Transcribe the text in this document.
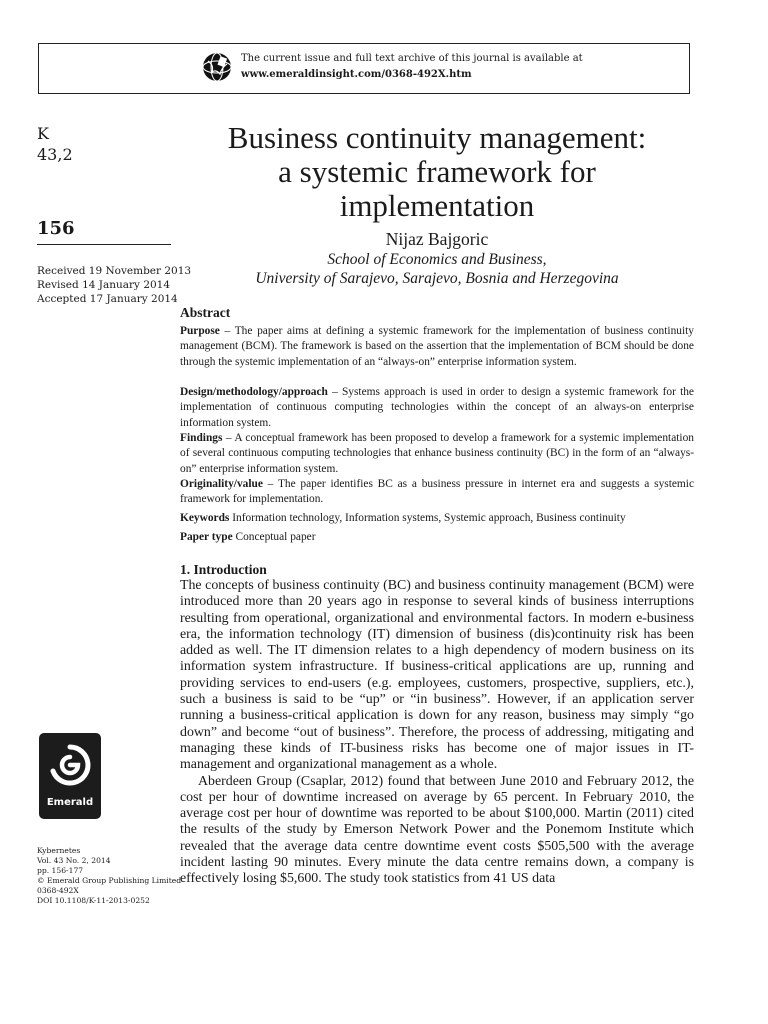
The current issue and full text archive of this journal is available at
www.emeraldinsight.com/0368-492X.htm
K
43,2
156
Received 19 November 2013
Revised 14 January 2014
Accepted 17 January 2014
Emerald
Kybernetes
Vol. 43 No. 2, 2014
pp. 156-177
© Emerald Group Publishing Limited
0368-492X
DOI 10.1108/K-11-2013-0252
Business continuity management:
a systemic framework for
implementation
Nijaz Bajgoric
School of Economics and Business,
University of Sarajevo, Sarajevo, Bosnia and Herzegovina
Abstract
Purpose – The paper aims at defining a systemic framework for the implementation of business continuity management (BCM). The framework is based on the assertion that the implementation of BCM should be done through the systemic implementation of an “always-on” enterprise information system.
Design/methodology/approach – Systems approach is used in order to design a systemic framework for the implementation of continuous computing technologies within the concept of an always-on enterprise information system.
Findings – A conceptual framework has been proposed to develop a framework for a systemic implementation of several continuous computing technologies that enhance business continuity (BC) in the form of an “always-on” enterprise information system.
Originality/value – The paper identifies BC as a business pressure in internet era and suggests a systemic framework for implementation.
Keywords Information technology, Information systems, Systemic approach, Business continuity
Paper type Conceptual paper
1. Introduction

The concepts of business continuity (BC) and business continuity management (BCM) were introduced more than 20 years ago in response to several kinds of business interruptions resulting from operational, organizational and environmental factors. In modern e-business era, the information technology (IT) dimension of business (dis)continuity risk has been added as well. The IT dimension relates to a high dependency of modern business on its information system infrastructure. If business-critical applications are up, running and providing services to end-users (e.g. employees, customers, prospective, suppliers, etc.), such a business is said to be “up” or “in business”. However, if an application server running a business-critical application is down for any reason, business may simply “go down” and become “out of business”. Therefore, the process of addressing, mitigating and managing these kinds of IT-business risks has become one of major issues in IT-management and organizational management as a whole.

Aberdeen Group (Csaplar, 2012) found that between June 2010 and February 2012, the cost per hour of downtime increased on average by 65 percent. In February 2010, the average cost per hour of downtime was reported to be about $100,000. Martin (2011) cited the results of the study by Emerson Network Power and the Ponemom Institute which revealed that the average data centre downtime event costs $505,500 with the average incident lasting 90 minutes. Every minute the data centre remains down, a company is effectively losing $5,600. The study took statistics from 41 US data
